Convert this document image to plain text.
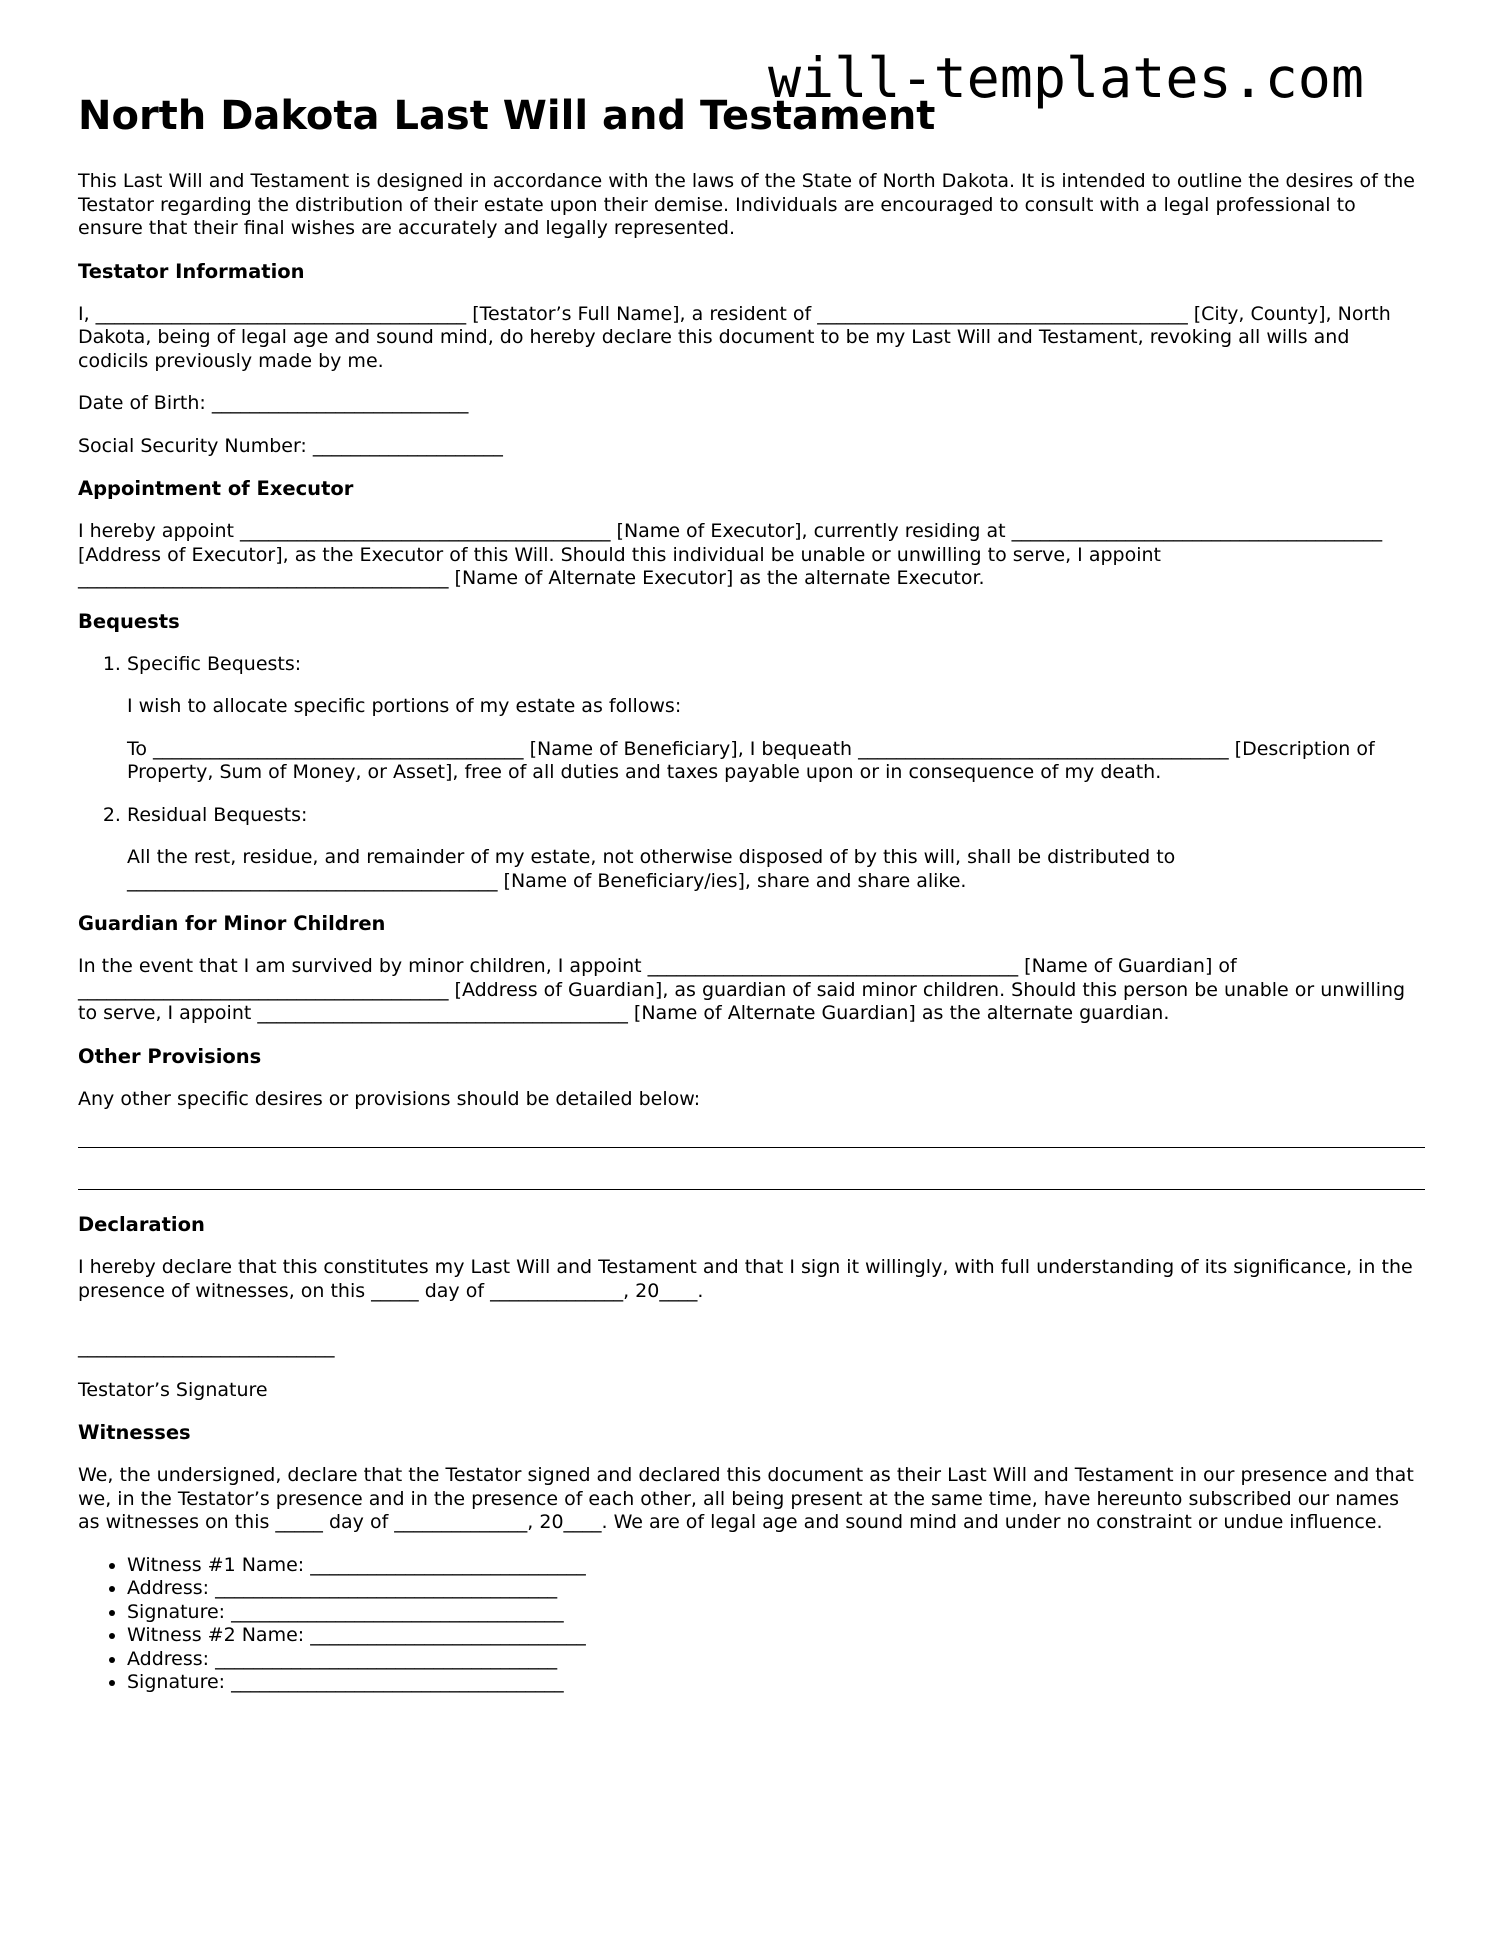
will-templates.com
North Dakota Last Will and Testament

This Last Will and Testament is designed in accordance with the laws of the State of North Dakota. It is intended to outline the desires of the Testator regarding the distribution of their estate upon their demise. Individuals are encouraged to consult with a legal professional to ensure that their final wishes are accurately and legally represented.

Testator Information

I, _______________________________________ [Testator’s Full Name], a resident of _______________________________________ [City, County], North Dakota, being of legal age and sound mind, do hereby declare this document to be my Last Will and Testament, revoking all wills and codicils previously made by me.

Date of Birth: ___________________________

Social Security Number: ____________________

Appointment of Executor

I hereby appoint _______________________________________ [Name of Executor], currently residing at _______________________________________ [Address of Executor], as the Executor of this Will. Should this individual be unable or unwilling to serve, I appoint _______________________________________ [Name of Alternate Executor] as the alternate Executor.

Bequests
1. Specific Bequests:

I wish to allocate specific portions of my estate as follows:

To _______________________________________ [Name of Beneficiary], I bequeath _______________________________________ [Description of Property, Sum of Money, or Asset], free of all duties and taxes payable upon or in consequence of my death.

2. Residual Bequests:

All the rest, residue, and remainder of my estate, not otherwise disposed of by this will, shall be distributed to _______________________________________ [Name of Beneficiary/ies], share and share alike.

Guardian for Minor Children

In the event that I am survived by minor children, I appoint _______________________________________ [Name of Guardian] of _______________________________________ [Address of Guardian], as guardian of said minor children. Should this person be unable or unwilling to serve, I appoint _______________________________________ [Name of Alternate Guardian] as the alternate guardian.

Other Provisions

Any other specific desires or provisions should be detailed below:

Declaration

I hereby declare that this constitutes my Last Will and Testament and that I sign it willingly, with full understanding of its significance, in the presence of witnesses, on this _____ day of ______________, 20____.

___________________________

Testator’s Signature

Witnesses

We, the undersigned, declare that the Testator signed and declared this document as their Last Will and Testament in our presence and that we, in the Testator’s presence and in the presence of each other, all being present at the same time, have hereunto subscribed our names as witnesses on this _____ day of ______________, 20____. We are of legal age and sound mind and under no constraint or undue influence.

• Witness #1 Name: _____________________________
• Address: ____________________________________
• Signature: ___________________________________
• Witness #2 Name: _____________________________
• Address: ____________________________________
• Signature: ___________________________________
